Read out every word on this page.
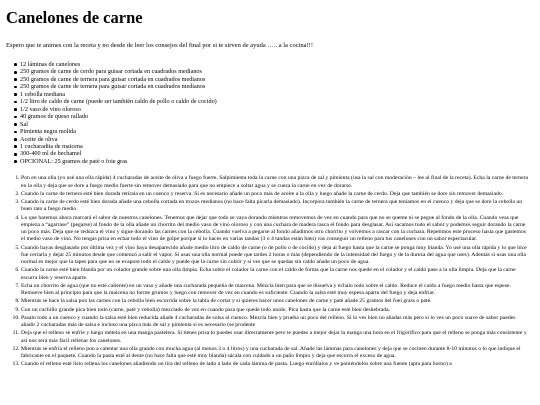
Canelones de carne

Espero que te animes con la receta y no desde de leer los consejos del final por si te sirven de ayuda ….. a la cocina!!!

12 láminas de canelones
250 gramos de carne de cerdo para guisar cortada en cuadrados medianos
250 gramos de carne de ternera para guisar cortada en cuadrados medianos
250 gramos de carne de ternera para guisar cortada en cuadrados medianos
1 cebolla mediana
1/2 litro de caldo de carne (puede ser también caldo de pollo o caldo de cocido)
1/2 vaso de vino oloroso
40 gramos de queso rallado
Sal
Pimienta negra molida
Aceite de oliva
1 cucharadita de maicena
300-400 ml de bechamel
OPCIONAL: 25 gramos de paté o foie gras
1. Pon en una olla (yo usé una olla rápida) 4 cucharadas de aceite de oliva a fuego fuerte. Salpimienta toda la carne con una pizca de sal y pimienta (usa la sal con moderación – lee al final de la receta). Echa la carne de ternera en la olla y deja que se dore a fuego medio fuerte sin remover demasiado para que no empiece a soltar agua y se cueza la carne en vez de dorarse.
2. Cuando la carne de ternera esté bien dorada retírala en un cuenco y reserva. Si es necesario añade un poco más de aceite a la olla y luego añade la carne de cerdo. Deja que también se dore sin remover demasiado.
3. Cuando la carne de cerdo esté bien dorada añade una cebolla cortada en trozos medianos (no hace falta picarla demasiado). Incorpora también la carne de ternera que teníamos en el cuenco y deja que se dore la cebolla un buen rato a fuego medio.
4. Lo que haremos ahora marcará el sabor de nuestros canelones. Tenemos que dejar que todo se vaya dorando mientras removemos de vez en cuando para que no se queme ni se pegue al fondo de la olla. Cuando veas que empieza a “agarrase” (pegarse) al fondo de la olla añade un chorrito del medio vaso de vino oloroso y con una cuchara de madera rasca el fondo para desglasar. Así sacamos todo el sabor y podemos seguir dorando la carne un poco más. Deja que se reduzca el vino y sigue dorando las carnes con la cebolla. Cuando vuelva a pegarse al fondo añadimos otro chorrito y volvemos a rascar con la cuchara. Repetimos este proceso hasta que gastemos el medio vaso de vino. No tengas prisa en echar todo el vino de golpe porque si lo haces en varias tandas (3 o 4 tandas están bien) vas conseguir un relleno para tus canelones con un sabor espectacular.
5. Cuando hayas desglasado por última vez y el vino haya desaparecido añade medio litro de caldo de carne (o de pollo o de cocido) y deja al fuego hasta que la carne se ponga muy blanda. Yo usé una olla rápida y lo que hice fue cerrarla y dejar 25 minutos desde que comenzó a salir el vapor. Si usas una olla normal puede que tardes 2 horas o más (dependiendo de la intensidad del fuego y de la dureza del agua que uses). Además si usas una olla normal es mejor que la tapes para que no se evapore todo el caldo y puede que la carne sin cubrir y si ves que se quedas sin caldo añade un poco de agua.
6. Cuando la carne esté bien blanda por un colador grande sobre una olla limpia. Echa sobre el colador la carne con el caldo de forma que la carne nos quede en el colador y el caldo pase a la olla limpia. Deja que la carne escurra bien y reserva aparte.
7. Echa un chorrito de agua (que no esté caliente) en un vaso y añade una cucharada pequeña de maicena. Mezcla bien para que se disuelva y échalo todo sobre el caldo. Reduce el caldo a fuego medio hasta que espese. Remueve bien al principio para que la maicena no forme grumos y luego con remover de vez en cuando es suficiente. Cuando la salsa esté muy espesa apartu del fuego y deja enfriar.
8. Mientras se hace la salsa pon las carnes con la cebolla bien escurrida sobre la tabla de cortar y si quieres hacer unos canelones de carne y paté añade 25 gramos del foei grass o paté.
9. Con un cuchillo grande pica bien todo (carne, paté y cebolla) mezclado de vez en cuando para que quede todo unido. Pica hasta que la carne esté bien deshebrada.
10. Pasalo todo a un cuenco y cuando la salsa esté bien reducida añade 4 cucharadas de solsa al cuenco. Mezcla bien y prueba un poco del relleno. Si lo ves bien no añadas más pero si lo ves un poco suave de sabor puedes añadir 2 cucharadas más de salsa e incluso una pizca más de sal y pimienta si es necesario (se prudente
11. Deja que el relleno se enfríe y luego métela en una manga pastelera. Si tienes prisa lo puedes usar directamente pero te puedes a mejor dejar la manga una hora en el frigorífico para que el relleno se ponga más consistente y así nos será más fácil rellenar los canelones.
12. Mientras se enfría el relleno pon a calentar una olla grande con mucha agua (al menos 3 o 4 litros) y una cucharada de sal. Añade las láminas para canelones y deja que se cocinen durante 8-10 minutos o lo que indique el fabricante en el paquete. Cuando la pasta esté al dente (no hace falta que esté muy blanda) sácala con cuidado a un paño limpio y deja que escurra el exceso de agua.
13. Cuando el relleno esté listo rellena los canelones añadiendo un tira del relleno de lado a lado de cada lámina de pasta. Luego enróllalos y ve poniéndolos sobre una fuente (apta para horno) a
